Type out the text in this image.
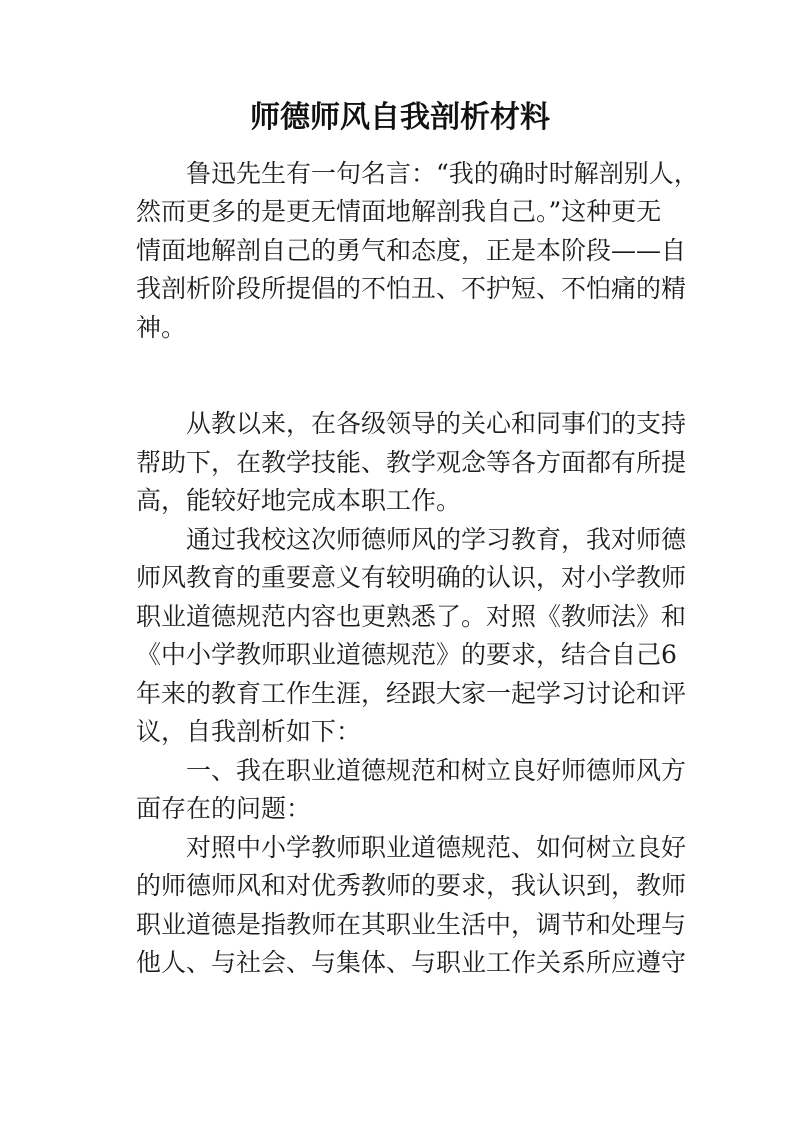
师德师风自我剖析材料
　　鲁迅先生有一句名言：“我的确时时解剖别人，
然而更多的是更无情面地解剖我自己。”这种更无
情面地解剖自己的勇气和态度，正是本阶段——自
我剖析阶段所提倡的不怕丑、不护短、不怕痛的精
神。
　　从教以来，在各级领导的关心和同事们的支持
帮助下，在教学技能、教学观念等各方面都有所提
高，能较好地完成本职工作。
　　通过我校这次师德师风的学习教育，我对师德
师风教育的重要意义有较明确的认识，对小学教师
职业道德规范内容也更熟悉了。对照《教师法》和
《中小学教师职业道德规范》的要求，结合自己6
年来的教育工作生涯，经跟大家一起学习讨论和评
议，自我剖析如下：
　　一、我在职业道德规范和树立良好师德师风方
面存在的问题：
　　对照中小学教师职业道德规范、如何树立良好
的师德师风和对优秀教师的要求，我认识到，教师
职业道德是指教师在其职业生活中，调节和处理与
他人、与社会、与集体、与职业工作关系所应遵守
